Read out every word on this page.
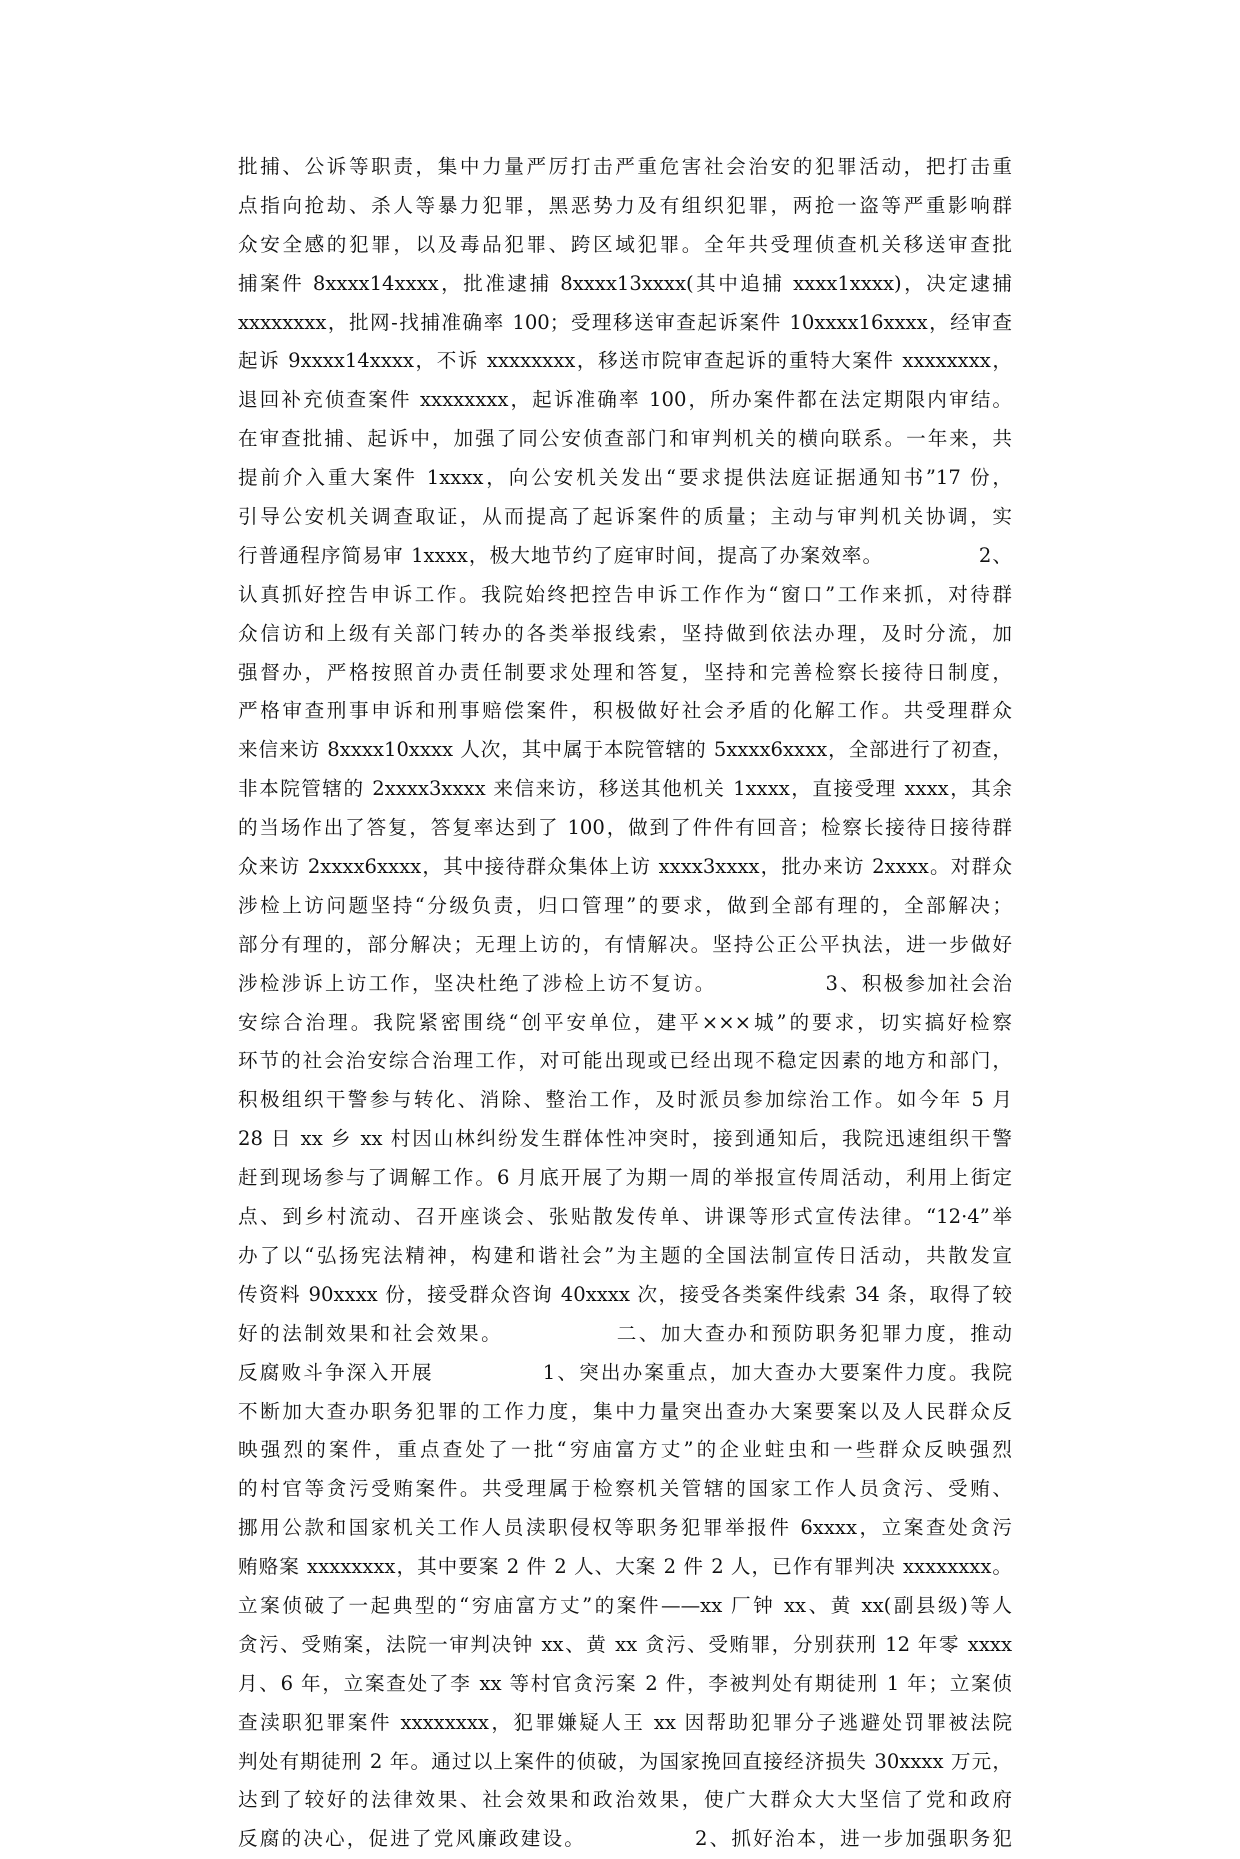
批捕、公诉等职责，集中力量严厉打击严重危害社会治安的犯罪活动，把打击重
点指向抢劫、杀人等暴力犯罪，黑恶势力及有组织犯罪，两抢一盗等严重影响群
众安全感的犯罪，以及毒品犯罪、跨区域犯罪。全年共受理侦查机关移送审查批
捕案件 8xxxx14xxxx，批准逮捕 8xxxx13xxxx(其中追捕 xxxx1xxxx)，决定逮捕
xxxxxxxx，批网-找捕准确率 100；受理移送审查起诉案件 10xxxx16xxxx，经审查
起诉 9xxxx14xxxx，不诉 xxxxxxxx，移送市院审查起诉的重特大案件 xxxxxxxx，
退回补充侦查案件 xxxxxxxx，起诉准确率 100，所办案件都在法定期限内审结。
在审查批捕、起诉中，加强了同公安侦查部门和审判机关的横向联系。一年来，共
提前介入重大案件 1xxxx，向公安机关发出“要求提供法庭证据通知书”17 份，
引导公安机关调查取证，从而提高了起诉案件的质量；主动与审判机关协调，实
行普通程序简易审 1xxxx，极大地节约了庭审时间，提高了办案效率。             2、
认真抓好控告申诉工作。我院始终把控告申诉工作作为“窗口”工作来抓，对待群
众信访和上级有关部门转办的各类举报线索，坚持做到依法办理，及时分流，加
强督办，严格按照首办责任制要求处理和答复，坚持和完善检察长接待日制度，
严格审查刑事申诉和刑事赔偿案件，积极做好社会矛盾的化解工作。共受理群众
来信来访 8xxxx10xxxx 人次，其中属于本院管辖的 5xxxx6xxxx，全部进行了初查，
非本院管辖的 2xxxx3xxxx 来信来访，移送其他机关 1xxxx，直接受理 xxxx，其余
的当场作出了答复，答复率达到了 100，做到了件件有回音；检察长接待日接待群
众来访 2xxxx6xxxx，其中接待群众集体上访 xxxx3xxxx，批办来访 2xxxx。对群众
涉检上访问题坚持“分级负责，归口管理”的要求，做到全部有理的，全部解决；
部分有理的，部分解决；无理上访的，有情解决。坚持公正公平执法，进一步做好
涉检涉诉上访工作，坚决杜绝了涉检上访不复访。             3、积极参加社会治
安综合治理。我院紧密围绕“创平安单位，建平×××城”的要求，切实搞好检察
环节的社会治安综合治理工作，对可能出现或已经出现不稳定因素的地方和部门，
积极组织干警参与转化、消除、整治工作，及时派员参加综治工作。如今年 5 月
28 日 xx 乡 xx 村因山林纠纷发生群体性冲突时，接到通知后，我院迅速组织干警
赶到现场参与了调解工作。6 月底开展了为期一周的举报宣传周活动，利用上街定
点、到乡村流动、召开座谈会、张贴散发传单、讲课等形式宣传法律。“12·4”举
办了以“弘扬宪法精神，构建和谐社会”为主题的全国法制宣传日活动，共散发宣
传资料 90xxxx 份，接受群众咨询 40xxxx 次，接受各类案件线索 34 条，取得了较
好的法制效果和社会效果。             二、加大查办和预防职务犯罪力度，推动
反腐败斗争深入开展             1、突出办案重点，加大查办大要案件力度。我院
不断加大查办职务犯罪的工作力度，集中力量突出查办大案要案以及人民群众反
映强烈的案件，重点查处了一批“穷庙富方丈”的企业蛀虫和一些群众反映强烈
的村官等贪污受贿案件。共受理属于检察机关管辖的国家工作人员贪污、受贿、
挪用公款和国家机关工作人员渎职侵权等职务犯罪举报件 6xxxx，立案查处贪污
贿赂案 xxxxxxxx，其中要案 2 件 2 人、大案 2 件 2 人，已作有罪判决 xxxxxxxx。
立案侦破了一起典型的“穷庙富方丈”的案件——xx 厂钟 xx、黄 xx(副县级)等人
贪污、受贿案，法院一审判决钟 xx、黄 xx 贪污、受贿罪，分别获刑 12 年零 xxxx
月、6 年，立案查处了李 xx 等村官贪污案 2 件，李被判处有期徒刑 1 年；立案侦
查渎职犯罪案件 xxxxxxxx，犯罪嫌疑人王 xx 因帮助犯罪分子逃避处罚罪被法院
判处有期徒刑 2 年。通过以上案件的侦破，为国家挽回直接经济损失 30xxxx 万元，
达到了较好的法律效果、社会效果和政治效果，使广大群众大大坚信了党和政府
反腐的决心，促进了党风廉政建设。             2、抓好治本，进一步加强职务犯
